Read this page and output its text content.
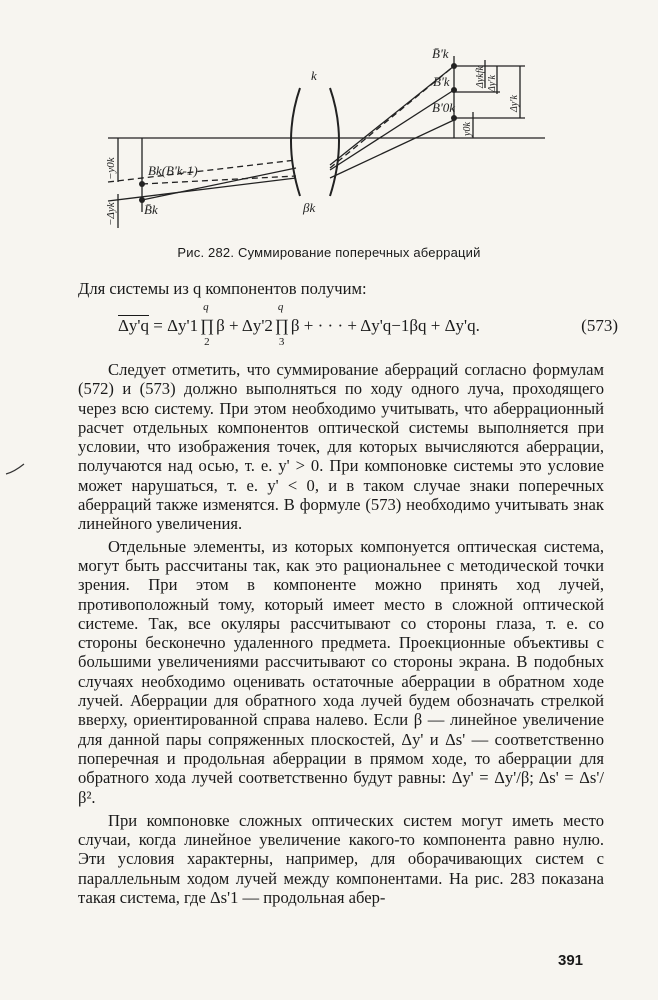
k
βk
Bk(B'k-1)
B̄k
B̄'k
B'k
B'0k
−y0k
−Δyk
Δykfk Δy'k
Δy'k
y0k
Рис. 282. Суммирование поперечных аберраций
Для системы из q компонентов получим:
Δy'q = Δy'1 ∏
q
2
β + Δy'2 ∏
q
3
β + · · · + Δy'q−1βq + Δy'q.	(573)

Следует отметить, что суммирование аберраций согласно формулам (572) и (573) должно выполняться по ходу одного луча, проходящего через всю систему. При этом необходимо учитывать, что аберрационный расчет отдельных компонентов оптической системы выполняется при условии, что изображения точек, для которых вычисляются аберрации, получаются над осью, т. е. y' > 0. При компоновке системы это условие может нарушаться, т. е. y' < 0, и в таком случае знаки поперечных аберраций также изменятся. В формуле (573) необходимо учитывать знак линейного увеличения.

Отдельные элементы, из которых компонуется оптическая система, могут быть рассчитаны так, как это рациональнее с методической точки зрения. При этом в компоненте можно принять ход лучей, противоположный тому, который имеет место в сложной оптической системе. Так, все окуляры рассчитывают со стороны глаза, т. е. со стороны бесконечно удаленного предмета. Проекционные объективы с большими увеличениями рассчитывают со стороны экрана. В подобных случаях необходимо оценивать остаточные аберрации в обратном ходе лучей. Аберрации для обратного хода лучей будем обозначать стрелкой вверху, ориентированной справа налево. Если β — линейное увеличение для данной пары сопряженных плоскостей, Δy' и Δs' — соответственно поперечная и продольная аберрации в прямом ходе, то аберрации для обратного хода лучей соответственно будут равны: Δy' = Δy'/β; Δs' = Δs'/β².

При компоновке сложных оптических систем могут иметь место случаи, когда линейное увеличение какого-то компонента равно нулю. Эти условия характерны, например, для оборачивающих систем с параллельным ходом лучей между компонентами. На рис. 283 показана такая система, где Δs'1 — продольная абер-

391
